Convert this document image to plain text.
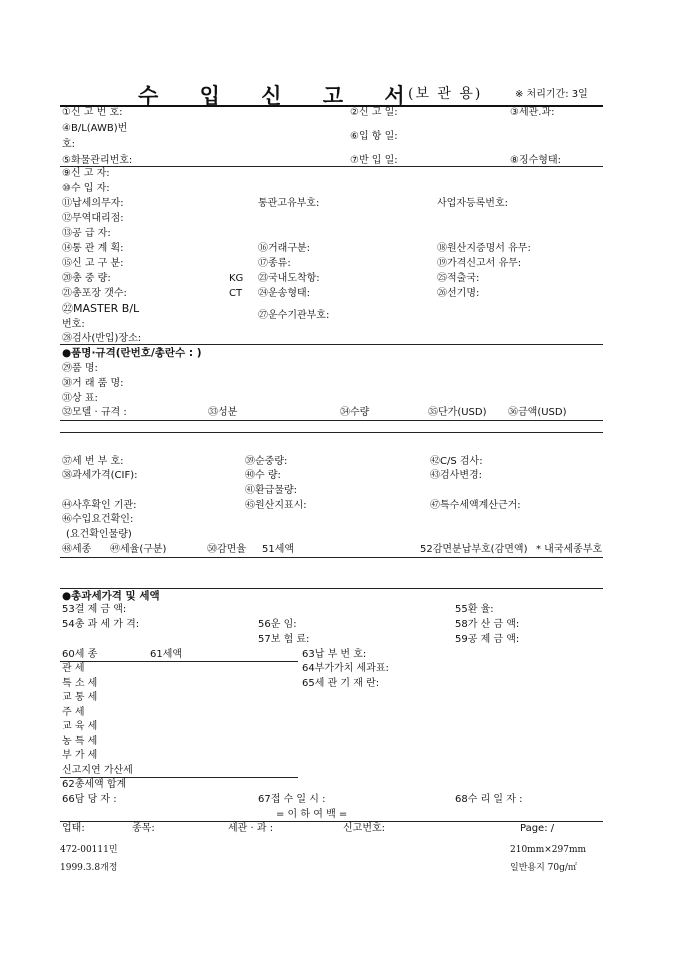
수 입 신 고 서
(보 관 용)	※ 처리기간: 3일
①신 고 번 호:	②신 고 일:	③세관.과:
④B/L(AWB)번
호:
⑥입 항 일:
⑤화물관리번호:	⑦반 입 일:	⑧징수형태:
⑨신 고 자:
⑩수 입 자:
⑪납세의무자:	통관고유부호:	사업자등록번호:
⑫무역대리점:
⑬공 급 자:
⑭통 관 계 획:	⑯거래구분:	⑱원산지증명서 유무:
⑮신 고 구 분:	⑰종류:	⑲가격신고서 유무:
⑳총 중 량:	KG ㉓국내도착항:	㉕적출국:
㉑총포장 갯수:	CT ㉔운송형태:	㉖선기명:
㉒MASTER B/L
번호:
㉗운수기관부호:
㉘검사(반입)장소:
●품명·규격(란번호/총란수 : )
㉙품 명:
㉚거 래 품 명:
㉛상 표:
㉜모델 · 규격 :	㉝성분	㉞수량	㉟단가(USD) ㊱금액(USD)
㊲세 번 부 호:	㊴순중량:	㊷C/S 검사:
㊳과세가격(CIF):	㊵수 량:	㊸검사변경:
㊶환급물량:
㊹사후확인 기관:	㊺원산지표시:	㊼특수세액계산근거:
㊻수입요건확인:
(요건확인물량)
㊽세종 ㊾세율(구분)	㊿감면율 51세액	52감면분납부호(감면액) * 내국세종부호
●총과세가격 및 세액
53결 제 금 액:	55환 율:
54총 과 세 가 격:	56운 임:	58가 산 금 액:
57보 험 료:	59공 제 금 액:
60세 종	61세액	63납 부 번 호:
64부가가치 세과표:
65세 관 기 재 란:
관 세
특 소 세
교 통 세
주 세
교 육 세
농 특 세
부 가 세
신고지연 가산세
62총세액 합계
66담 당 자 :	67접 수 일 시 :	68수 리 일 자 :
= 이 하 여 백 =
업태:	종목:	세관 · 과 :	신고번호:	Page: /
472-00111민	210mm×297mm
1999.3.8개정	일반용지 70g/㎡
